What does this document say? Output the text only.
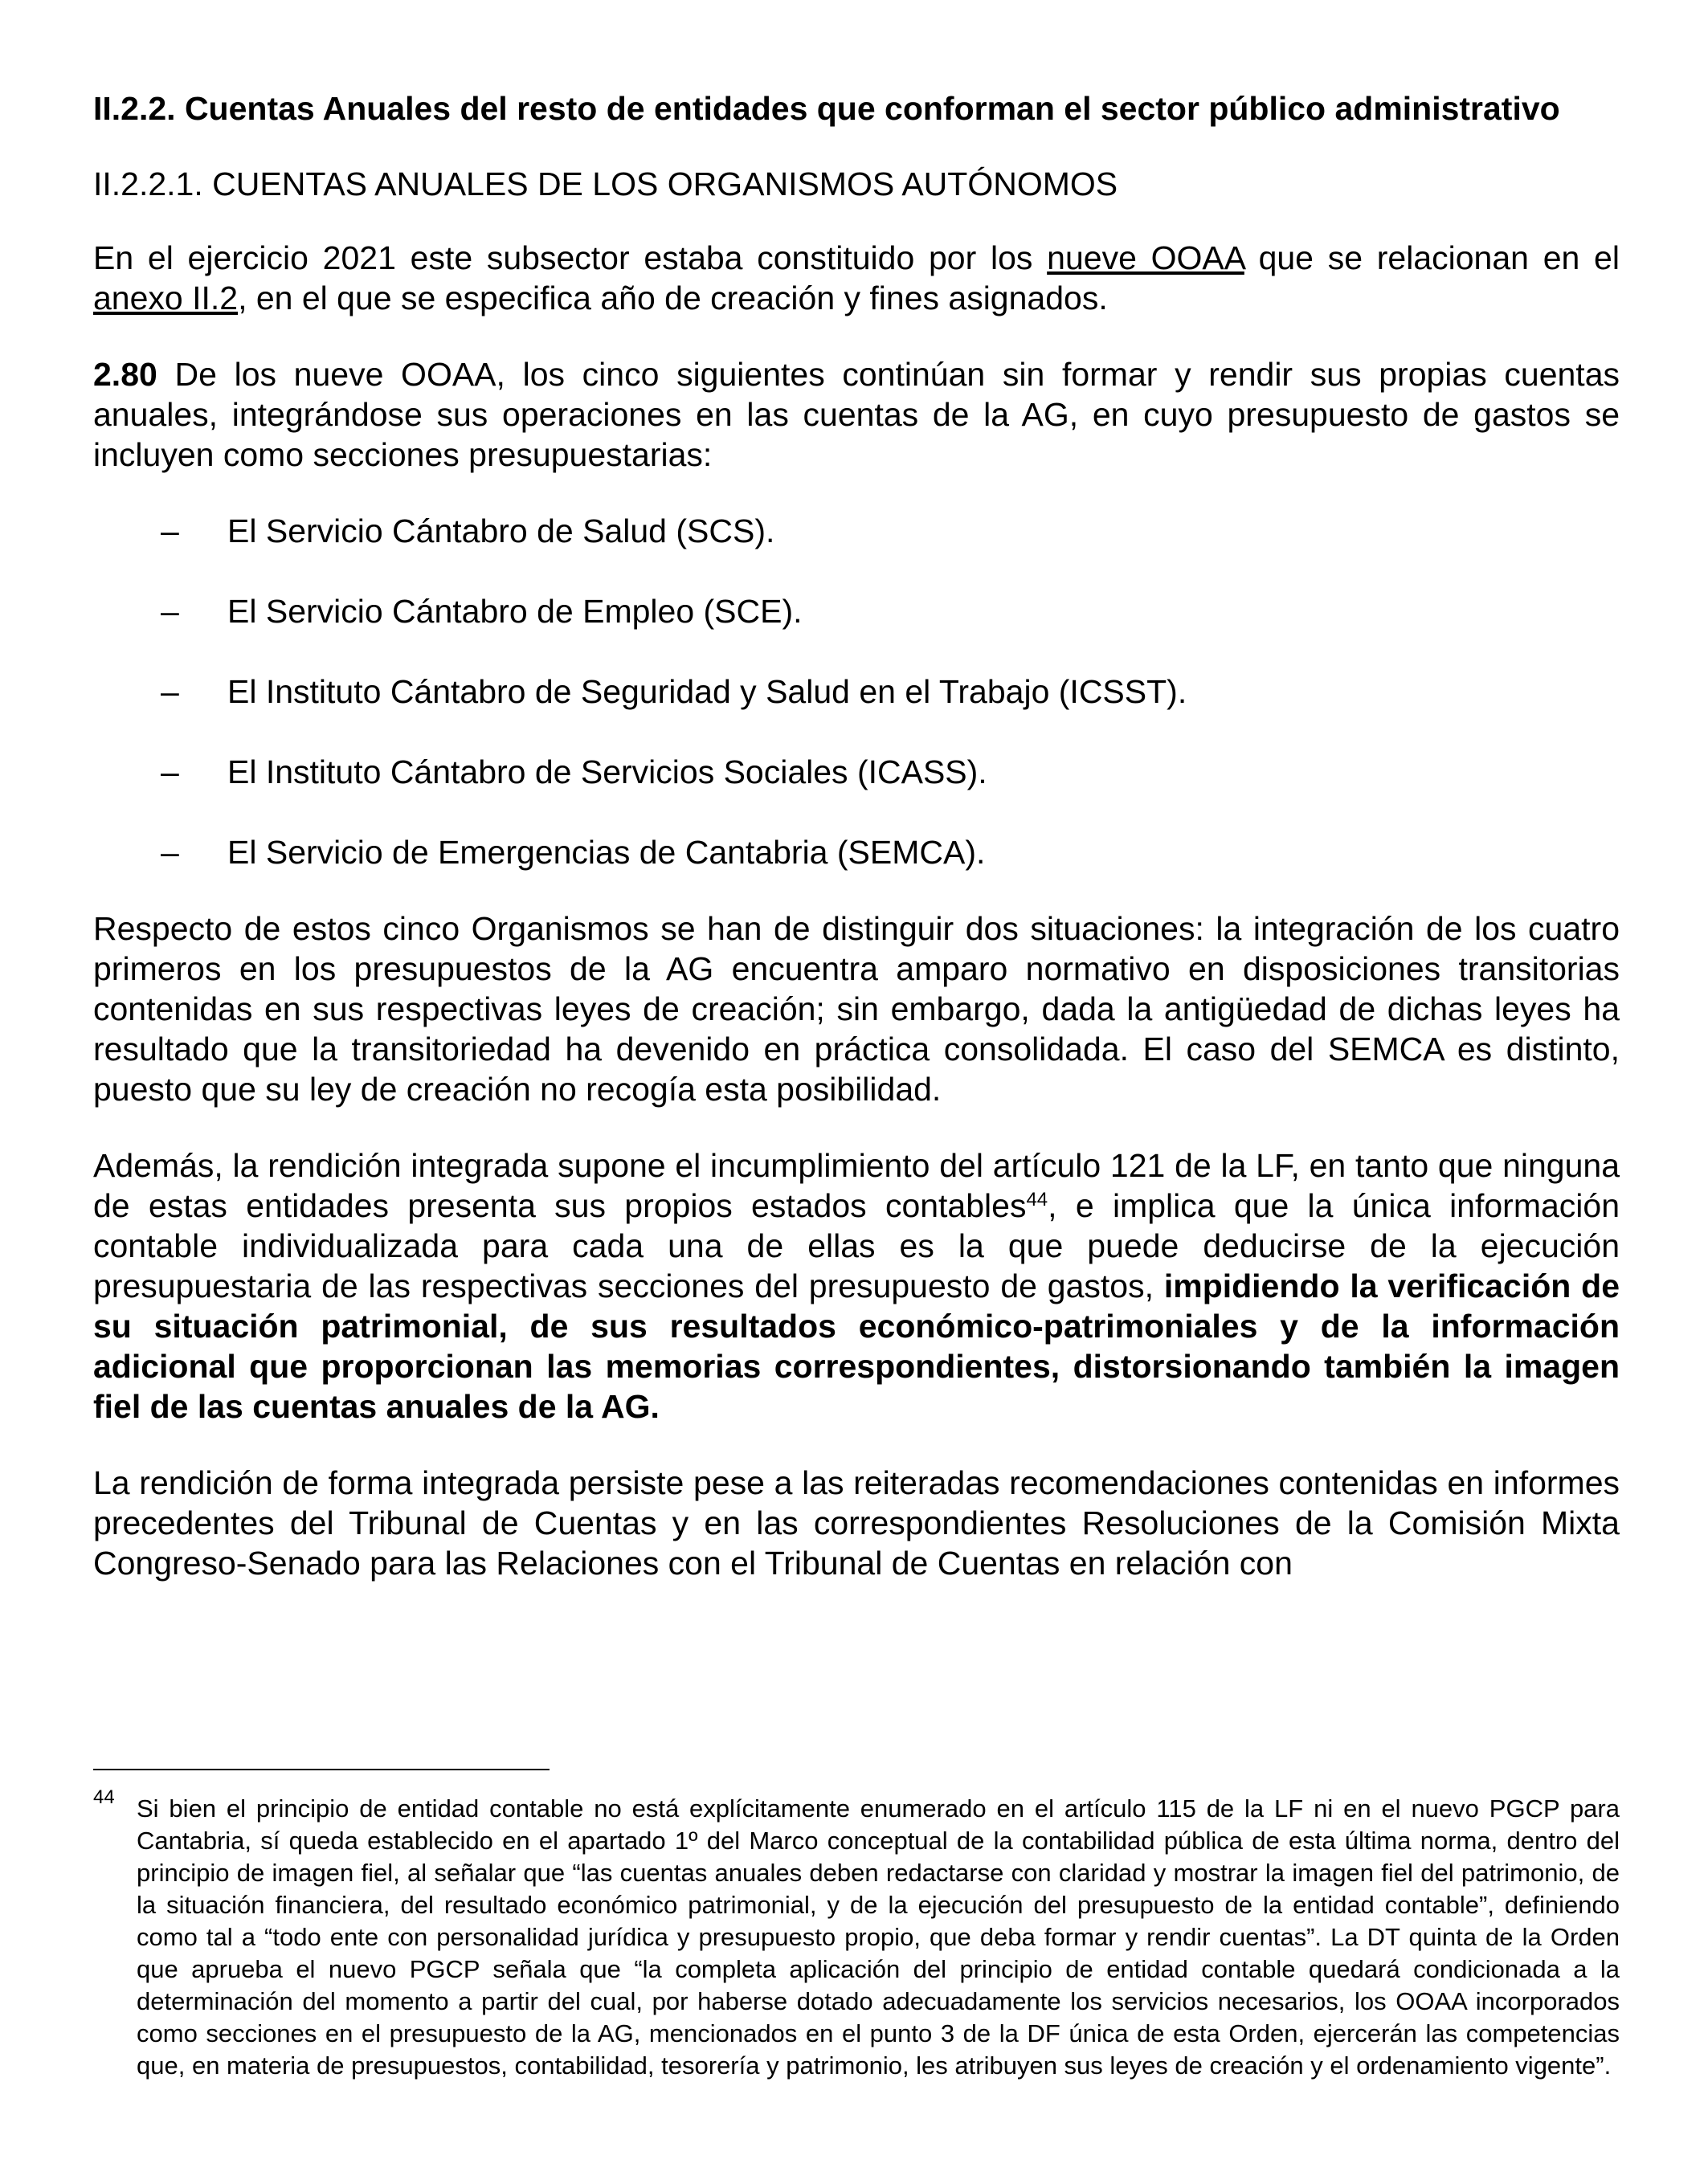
II.2.2. Cuentas Anuales del resto de entidades que conforman el sector público administrativo
II.2.2.1. CUENTAS ANUALES DE LOS ORGANISMOS AUTÓNOMOS

En el ejercicio 2021 este subsector estaba constituido por los nueve OOAA que se relacionan en el anexo II.2, en el que se especifica año de creación y fines asignados.

2.80 De los nueve OOAA, los cinco siguientes continúan sin formar y rendir sus propias cuentas anuales, integrándose sus operaciones en las cuentas de la AG, en cuyo presupuesto de gastos se incluyen como secciones presupuestarias:

– El Servicio Cántabro de Salud (SCS).
– El Servicio Cántabro de Empleo (SCE).
– El Instituto Cántabro de Seguridad y Salud en el Trabajo (ICSST).
– El Instituto Cántabro de Servicios Sociales (ICASS).
– El Servicio de Emergencias de Cantabria (SEMCA).

Respecto de estos cinco Organismos se han de distinguir dos situaciones: la integración de los cuatro primeros en los presupuestos de la AG encuentra amparo normativo en disposiciones transitorias contenidas en sus respectivas leyes de creación; sin embargo, dada la antigüedad de dichas leyes ha resultado que la transitoriedad ha devenido en práctica consolidada. El caso del SEMCA es distinto, puesto que su ley de creación no recogía esta posibilidad.

Además, la rendición integrada supone el incumplimiento del artículo 121 de la LF, en tanto que ninguna de estas entidades presenta sus propios estados contables$^{44}$, e implica que la única información contable individualizada para cada una de ellas es la que puede deducirse de la ejecución presupuestaria de las respectivas secciones del presupuesto de gastos, impidiendo la verificación de su situación patrimonial, de sus resultados económico-patrimoniales y de la información adicional que proporcionan las memorias correspondientes, distorsionando también la imagen fiel de las cuentas anuales de la AG.

La rendición de forma integrada persiste pese a las reiteradas recomendaciones contenidas en informes precedentes del Tribunal de Cuentas y en las correspondientes Resoluciones de la Comisión Mixta Congreso-Senado para las Relaciones con el Tribunal de Cuentas en relación con

44 Si bien el principio de entidad contable no está explícitamente enumerado en el artículo 115 de la LF ni en el nuevo PGCP para Cantabria, sí queda establecido en el apartado 1º del Marco conceptual de la contabilidad pública de esta última norma, dentro del principio de imagen fiel, al señalar que “las cuentas anuales deben redactarse con claridad y mostrar la imagen fiel del patrimonio, de la situación financiera, del resultado económico patrimonial, y de la ejecución del presupuesto de la entidad contable”, definiendo como tal a “todo ente con personalidad jurídica y presupuesto propio, que deba formar y rendir cuentas”. La DT quinta de la Orden que aprueba el nuevo PGCP señala que “la completa aplicación del principio de entidad contable quedará condicionada a la determinación del momento a partir del cual, por haberse dotado adecuadamente los servicios necesarios, los OOAA incorporados como secciones en el presupuesto de la AG, mencionados en el punto 3 de la DF única de esta Orden, ejercerán las competencias que, en materia de presupuestos, contabilidad, tesorería y patrimonio, les atribuyen sus leyes de creación y el ordenamiento vigente”.
